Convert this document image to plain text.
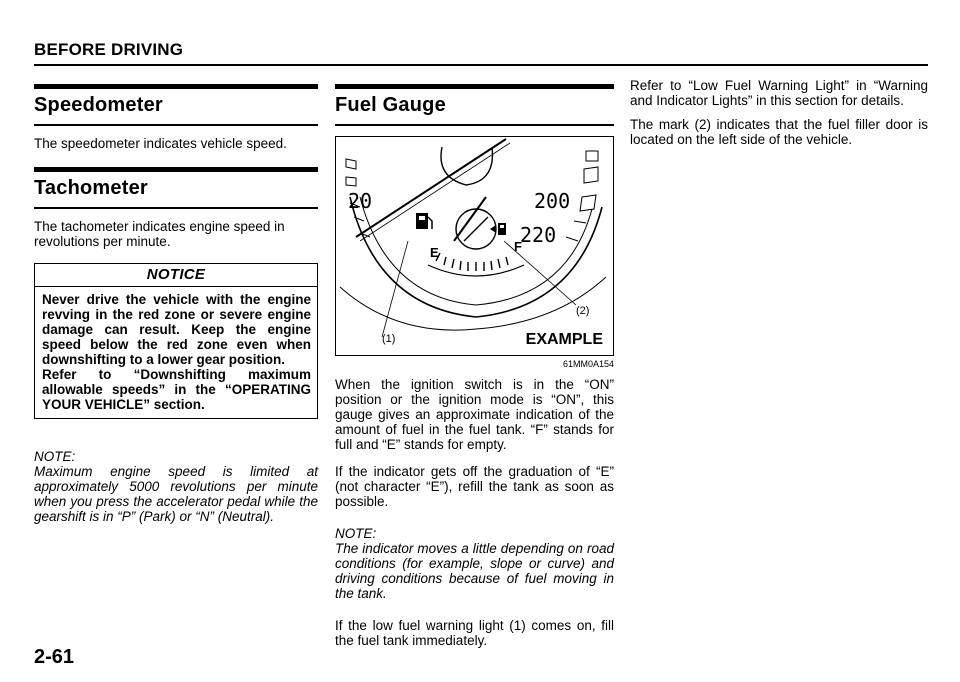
BEFORE DRIVING
Speedometer

The speedometer indicates vehicle speed.

Tachometer

The tachometer indicates engine speed in revolutions per minute.

NOTICE

Never drive the vehicle with the engine revving in the red zone or severe engine damage can result. Keep the engine speed below the red zone even when downshifting to a lower gear position.

Refer to “Downshifting maximum allowable speeds” in the “OPERATING YOUR VEHICLE” section.

NOTE:

Maximum engine speed is limited at approximately 5000 revolutions per minute when you press the accelerator pedal while the gearshift is in “P” (Park) or “N” (Neutral).

Fuel Gauge
20	200
220
E	F
(1)
(2)
EXAMPLE
61MM0A154

When the ignition switch is in the “ON” position or the ignition mode is “ON”, this gauge gives an approximate indication of the amount of fuel in the fuel tank. “F” stands for full and “E” stands for empty.

If the indicator gets off the graduation of “E” (not character “E”), refill the tank as soon as possible.

NOTE:

The indicator moves a little depending on road conditions (for example, slope or curve) and driving conditions because of fuel moving in the tank.

If the low fuel warning light (1) comes on, fill the fuel tank immediately.

Refer to “Low Fuel Warning Light” in “Warning and Indicator Lights” in this section for details.

The mark (2) indicates that the fuel filler door is located on the left side of the vehicle.

2-61
